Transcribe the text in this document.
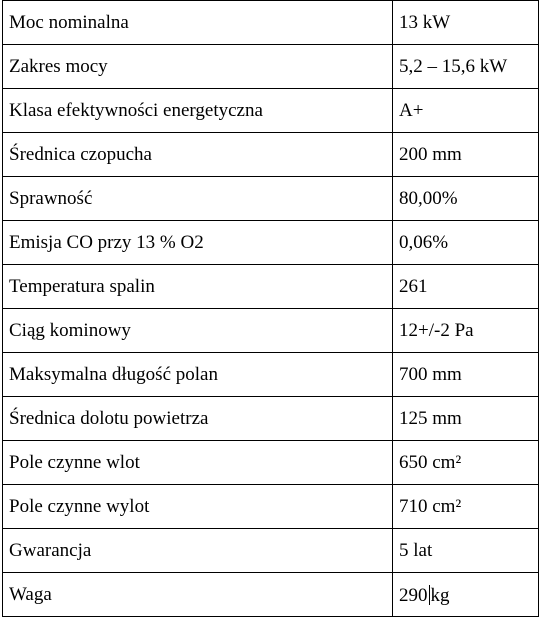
Moc nominalna	13 kW
Zakres mocy	5,2 – 15,6 kW
Klasa efektywności energetyczna	A+
Średnica czopucha	200 mm
Sprawność	80,00%
Emisja CO przy 13 % O2	0,06%
Temperatura spalin	261
Ciąg kominowy	12+/-2 Pa
Maksymalna długość polan	700 mm
Średnica dolotu powietrza	125 mm
Pole czynne wlot	650 cm²
Pole czynne wylot	710 cm²
Gwarancja	5 lat
Waga	290 kg
